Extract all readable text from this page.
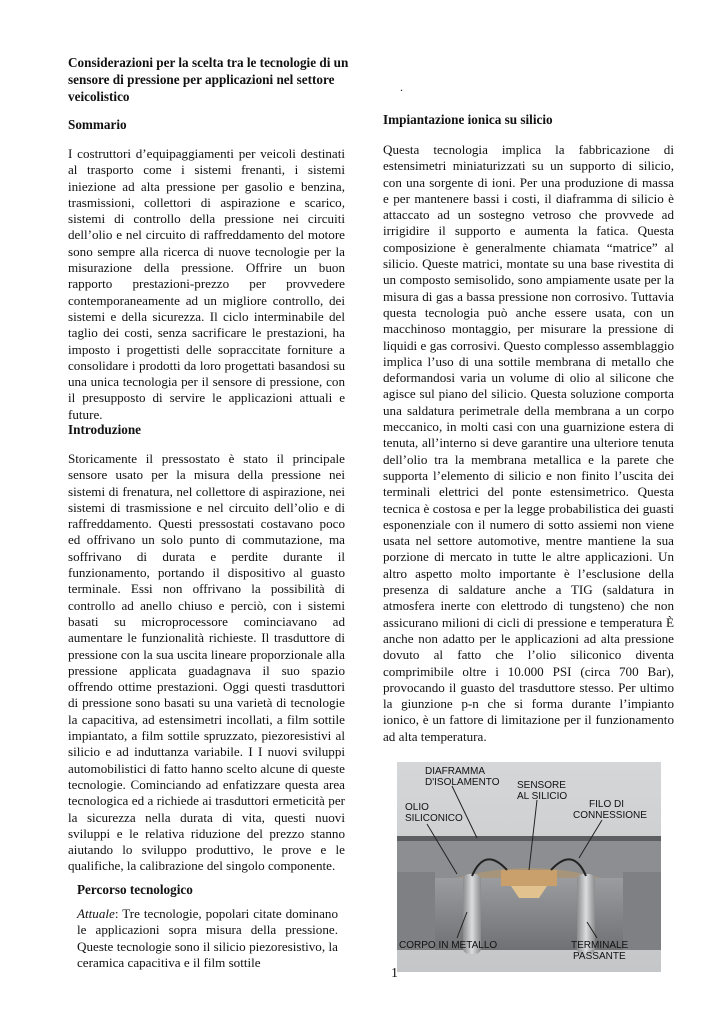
Considerazioni per la scelta tra le tecnologie di un sensore di pressione per applicazioni nel settore veicolistico
.
Sommario

I costruttori d’equipaggiamenti per veicoli destinati al trasporto come i sistemi frenanti, i sistemi iniezione ad alta pressione per gasolio e benzina, trasmissioni, collettori di aspirazione e scarico, sistemi di controllo della pressione nei circuiti dell’olio e nel circuito di raffreddamento del motore sono sempre alla ricerca di nuove tecnologie per la misurazione della pressione. Offrire un buon rapporto prestazioni-prezzo per provvedere contemporaneamente ad un migliore controllo, dei sistemi e della sicurezza. Il ciclo interminabile del taglio dei costi, senza sacrificare le prestazioni, ha imposto i progettisti delle sopraccitate forniture a consolidare i prodotti da loro progettati basandosi su una unica tecnologia per il sensore di pressione, con il presupposto di servire le applicazioni attuali e future.

Introduzione

Storicamente il pressostato è stato il principale sensore usato per la misura della pressione nei sistemi di frenatura, nel collettore di aspirazione, nei sistemi di trasmissione e nel circuito dell’olio e di raffreddamento. Questi pressostati costavano poco ed offrivano un solo punto di commutazione, ma soffrivano di durata e perdite durante il funzionamento, portando il dispositivo al guasto terminale. Essi non offrivano la possibilità di controllo ad anello chiuso e perciò, con i sistemi basati su microprocessore cominciavano ad aumentare le funzionalità richieste. Il trasduttore di pressione con la sua uscita lineare proporzionale alla pressione applicata guadagnava il suo spazio offrendo ottime prestazioni. Oggi questi trasduttori di pressione sono basati su una varietà di tecnologie la capacitiva, ad estensimetri incollati, a film sottile impiantato, a film sottile spruzzato, piezoresistivi al silicio e ad induttanza variabile. I I nuovi sviluppi automobilistici di fatto hanno scelto alcune di queste tecnologie. Cominciando ad enfatizzare questa area tecnologica ed a richiede ai trasduttori ermeticità per la sicurezza nella durata di vita, questi nuovi sviluppi e le relativa riduzione del prezzo stanno aiutando lo sviluppo produttivo, le prove e le qualifiche, la calibrazione del singolo componente.

Percorso tecnologico

Attuale: Tre tecnologie, popolari citate dominano le applicazioni sopra misura della pressione. Queste tecnologie sono il silicio piezoresistivo, la ceramica capacitiva e il film sottile

Impiantazione ionica su silicio

Questa tecnologia implica la fabbricazione di estensimetri miniaturizzati su un supporto di silicio, con una sorgente di ioni. Per una produzione di massa e per mantenere bassi i costi, il diaframma di silicio è attaccato ad un sostegno vetroso che provvede ad irrigidire il supporto e aumenta la fatica. Questa composizione è generalmente chiamata “matrice” al silicio. Queste matrici, montate su una base rivestita di un composto semisolido, sono ampiamente usate per la misura di gas a bassa pressione non corrosivo. Tuttavia questa tecnologia può anche essere usata, con un macchinoso montaggio, per misurare la pressione di liquidi e gas corrosivi. Questo complesso assemblaggio implica l’uso di una sottile membrana di metallo che deformandosi varia un volume di olio al silicone che agisce sul piano del silicio. Questa soluzione comporta una saldatura perimetrale della membrana a un corpo meccanico, in molti casi con una guarnizione estera di tenuta, all’interno si deve garantire una ulteriore tenuta dell’olio tra la membrana metallica e la parete che supporta l’elemento di silicio e non finito l’uscita dei terminali elettrici del ponte estensimetrico. Questa tecnica è costosa e per la legge probabilistica dei guasti esponenziale con il numero di sotto assiemi non viene usata nel settore automotive, mentre mantiene la sua porzione di mercato in tutte le altre applicazioni. Un altro aspetto molto importante è l’esclusione della presenza di saldature anche a TIG (saldatura in atmosfera inerte con elettrodo di tungsteno) che non assicurano milioni di cicli di pressione e temperatura È anche non adatto per le applicazioni ad alta pressione dovuto al fatto che l’olio siliconico diventa comprimibile oltre i 10.000 PSI (circa 700 Bar), provocando il guasto del trasduttore stesso. Per ultimo la giunzione p-n che si forma durante l’impianto ionico, è un fattore di limitazione per il funzionamento ad alta temperatura.

DIAFRAMMA
D'ISOLAMENTO SENSORE
AL SILICIO
OLIO
SILICONICO
FILO DI
CONNESSIONE
CORPO IN METALLO	TERMINALE
PASSANTE
1
